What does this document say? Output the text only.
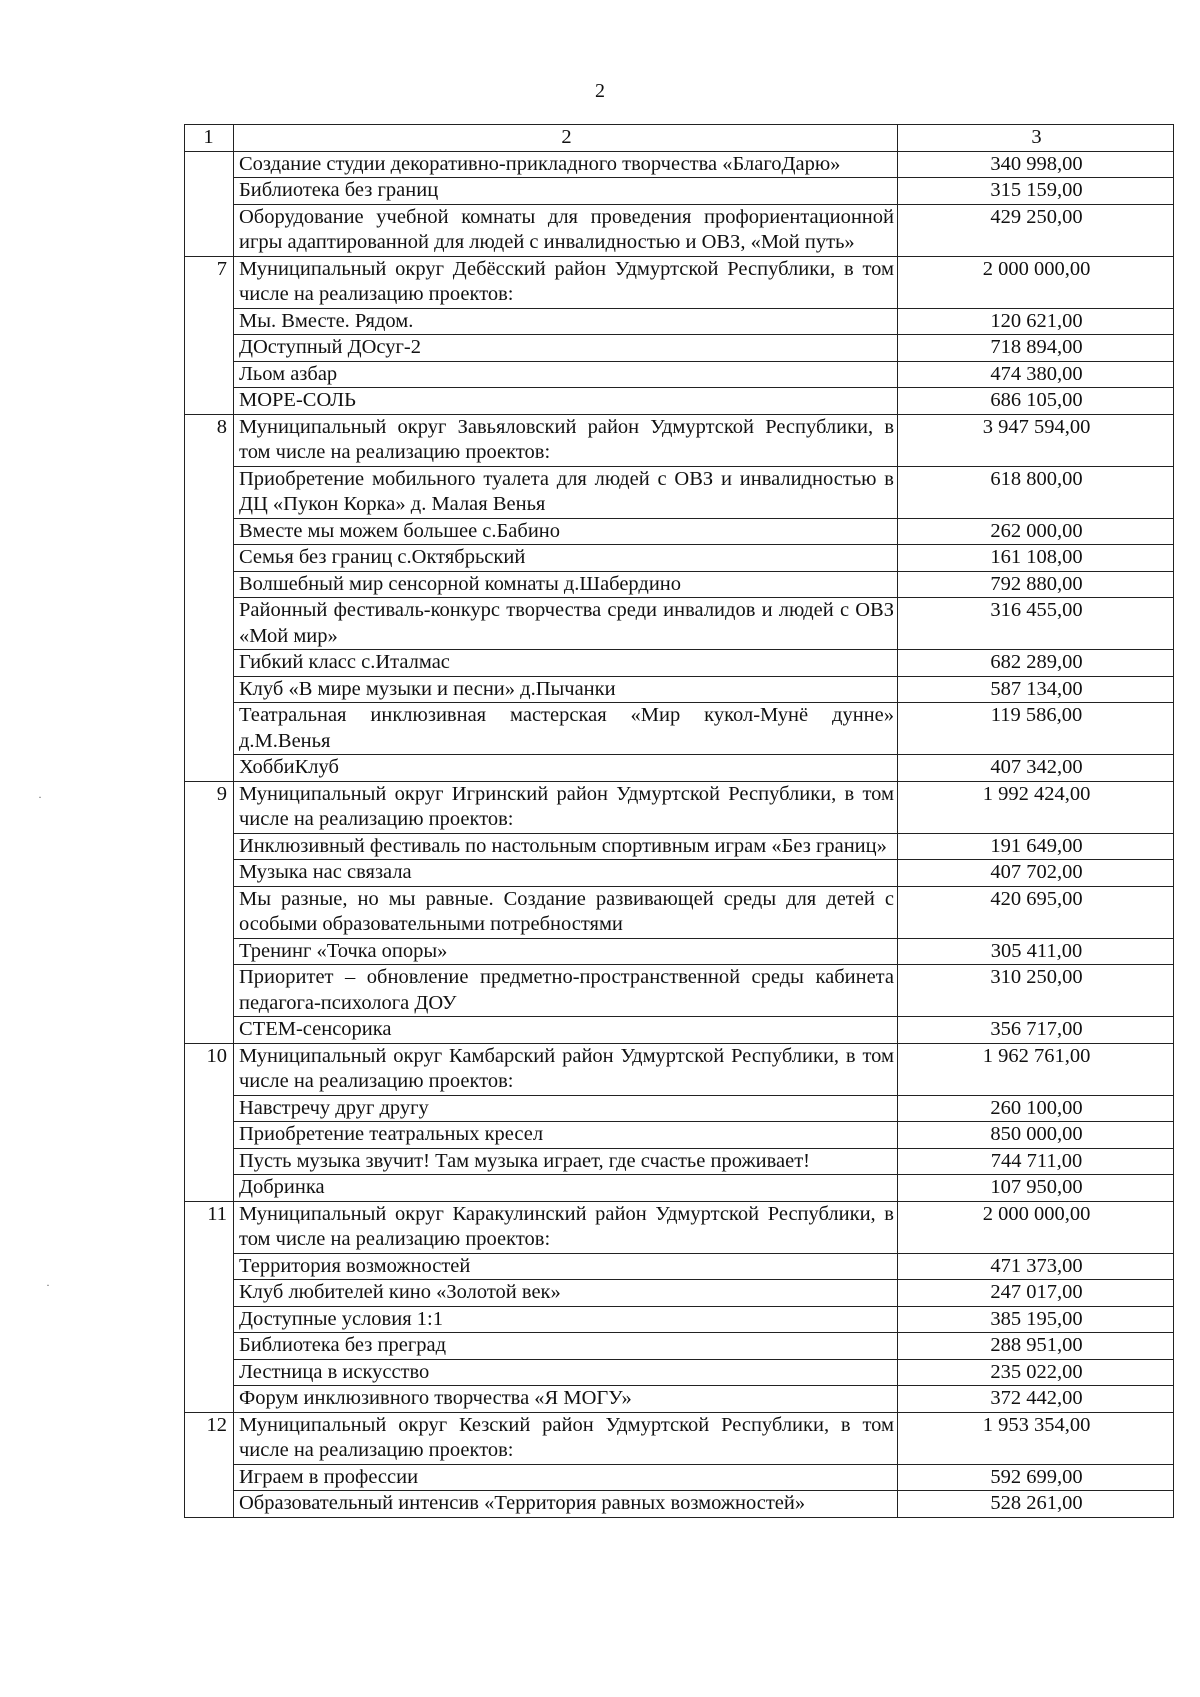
2
1	2	3
	Создание студии декоративно-прикладного творчества «БлагоДарю»	340 998,00
	Библиотека без границ	315 159,00
	Оборудование учебной комнаты для проведения профориентационной игры адаптированной для людей с инвалидностью и ОВЗ, «Мой путь»	429 250,00
7	Муниципальный округ Дебёсский район Удмуртской Республики, в том числе на реализацию проектов:	2 000 000,00
	Мы. Вместе. Рядом.	120 621,00
	ДОступный ДОсуг-2	718 894,00
	Льом азбар	474 380,00
	МОРЕ-СОЛЬ	686 105,00
8	Муниципальный округ Завьяловский район Удмуртской Республики, в том числе на реализацию проектов:	3 947 594,00
	Приобретение мобильного туалета для людей с ОВЗ и инвалидностью в ДЦ «Пукон Корка» д. Малая Венья	618 800,00
	Вместе мы можем большее с.Бабино	262 000,00
	Семья без границ с.Октябрьский	161 108,00
	Волшебный мир сенсорной комнаты д.Шабердино	792 880,00
	Районный фестиваль-конкурс творчества среди инвалидов и людей с ОВЗ «Мой мир»	316 455,00
	Гибкий класс с.Италмас	682 289,00
	Клуб «В мире музыки и песни» д.Пычанки	587 134,00
	Театральная инклюзивная мастерская «Мир кукол-Мунё дунне» д.М.Венья	119 586,00
	ХоббиКлуб	407 342,00
9	Муниципальный округ Игринский район Удмуртской Республики, в том числе на реализацию проектов:	1 992 424,00
	Инклюзивный фестиваль по настольным спортивным играм «Без границ»	191 649,00
	Музыка нас связала	407 702,00
	Мы разные, но мы равные. Создание развивающей среды для детей с особыми образовательными потребностями	420 695,00
	Тренинг «Точка опоры»	305 411,00
	Приоритет – обновление предметно-пространственной среды кабинета педагога-психолога ДОУ	310 250,00
	СТЕМ-сенсорика	356 717,00
10	Муниципальный округ Камбарский район Удмуртской Республики, в том числе на реализацию проектов:	1 962 761,00
	Навстречу друг другу	260 100,00
	Приобретение театральных кресел	850 000,00
	Пусть музыка звучит! Там музыка играет, где счастье проживает!	744 711,00
	Добринка	107 950,00
11	Муниципальный округ Каракулинский район Удмуртской Республики, в том числе на реализацию проектов:	2 000 000,00
	Территория возможностей	471 373,00
	Клуб любителей кино «Золотой век»	247 017,00
	Доступные условия 1:1	385 195,00
	Библиотека без преград	288 951,00
	Лестница в искусство	235 022,00
	Форум инклюзивного творчества «Я МОГУ»	372 442,00
12	Муниципальный округ Кезский район Удмуртской Республики, в том числе на реализацию проектов:	1 953 354,00
	Играем в профессии	592 699,00
	Образовательный интенсив «Территория равных возможностей»	528 261,00
·
·
